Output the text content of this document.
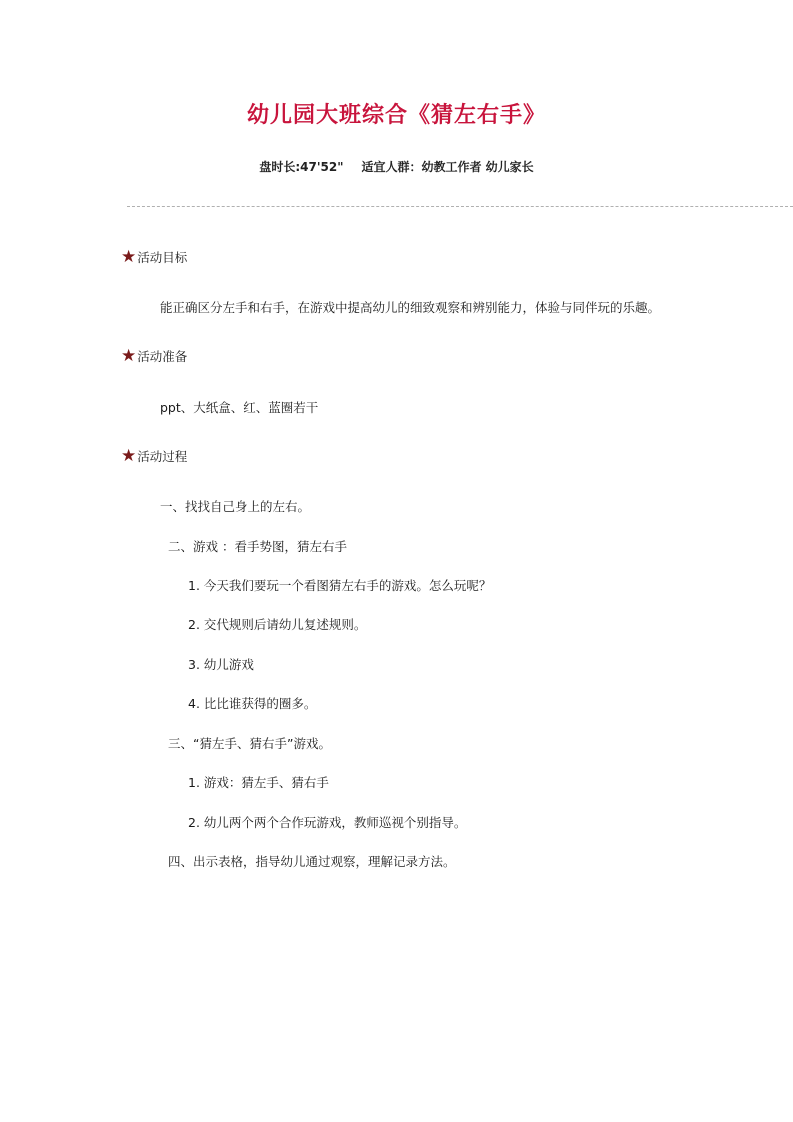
幼儿园大班综合《猜左右手》
盘时长:47'52" 适宜人群：幼教工作者 幼儿家长
★ 活动目标
能正确区分左手和右手，在游戏中提高幼儿的细致观察和辨别能力，体验与同伴玩的乐趣。
★ 活动准备
ppt、大纸盒、红、蓝圈若干
★ 活动过程
一、找找自己身上的左右。
二、游戏 ：看手势图，猜左右手
1. 今天我们要玩一个看图猜左右手的游戏。怎么玩呢？
2. 交代规则后请幼儿复述规则。
3. 幼儿游戏
4. 比比谁获得的圈多。
三、“猜左手、猜右手”游戏。
1. 游戏：猜左手、猜右手
2. 幼儿两个两个合作玩游戏，教师巡视个别指导。
四、出示表格，指导幼儿通过观察，理解记录方法。
